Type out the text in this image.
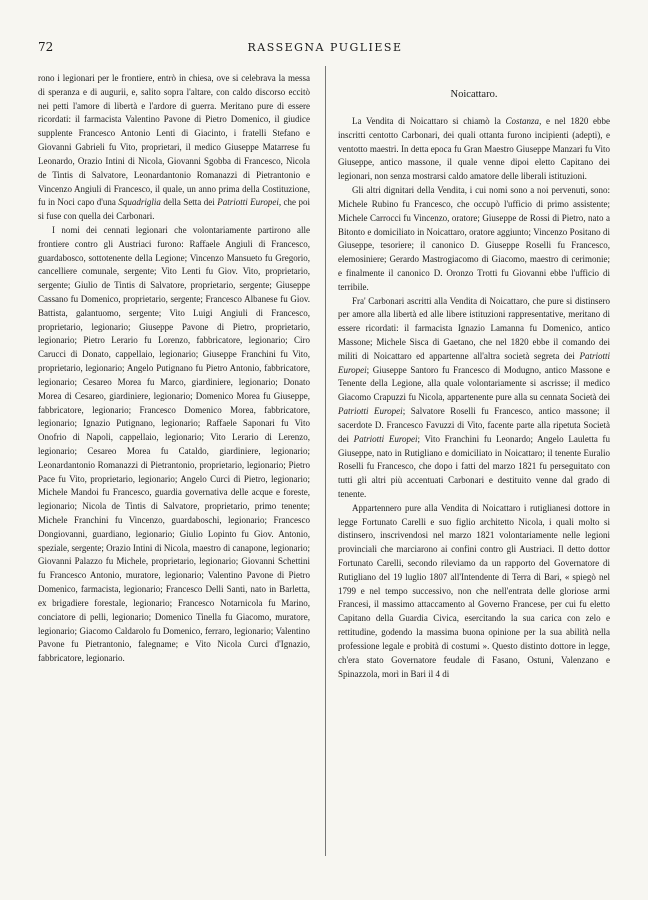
72	RASSEGNA PUGLIESE

rono i legionari per le frontiere, entrò in chiesa, ove si celebrava la messa di speranza e di augurii, e, salito sopra l'altare, con caldo discorso eccitò nei petti l'amore di libertà e l'ardore di guerra. Meritano pure di essere ricordati: il farmacista Valentino Pavone di Pietro Domenico, il giudice supplente Francesco Antonio Lenti di Giacinto, i fratelli Stefano e Giovanni Gabrieli fu Vito, proprietari, il medico Giuseppe Matarrese fu Leonardo, Orazio Intini di Nicola, Giovanni Sgobba di Francesco, Nicola de Tintis di Salvatore, Leonardantonio Romanazzi di Pietrantonio e Vincenzo Angiuli di Francesco, il quale, un anno prima della Costituzione, fu in Noci capo d'una Squadriglia della Setta dei Patriotti Europei, che poi si fuse con quella dei Carbonari.

I nomi dei cennati legionari che volontariamente partirono alle frontiere contro gli Austriaci furono: Raffaele Angiuli di Francesco, guardabosco, sottotenente della Legione; Vincenzo Mansueto fu Gregorio, cancelliere comunale, sergente; Vito Lenti fu Giov. Vito, proprietario, sergente; Giulio de Tintis di Salvatore, proprietario, sergente; Giuseppe Cassano fu Domenico, proprietario, sergente; Francesco Albanese fu Giov. Battista, galantuomo, sergente; Vito Luigi Angiuli di Francesco, proprietario, legionario; Giuseppe Pavone di Pietro, proprietario, legionario; Pietro Lerario fu Lorenzo, fabbricatore, legionario; Ciro Carucci di Donato, cappellaio, legionario; Giuseppe Franchini fu Vito, proprietario, legionario; Angelo Putignano fu Pietro Antonio, fabbricatore, legionario; Cesareo Morea fu Marco, giardiniere, legionario; Donato Morea di Cesareo, giardiniere, legionario; Domenico Morea fu Giuseppe, fabbricatore, legionario; Francesco Domenico Morea, fabbricatore, legionario; Ignazio Putignano, legionario; Raffaele Saponari fu Vito Onofrio di Napoli, cappellaio, legionario; Vito Lerario di Lerenzo, legionario; Cesareo Morea fu Cataldo, giardiniere, legionario; Leonardantonio Romanazzi di Pietrantonio, proprietario, legionario; Pietro Pace fu Vito, proprietario, legionario; Angelo Curci di Pietro, legionario; Michele Mandoi fu Francesco, guardia governativa delle acque e foreste, legionario; Nicola de Tintis di Salvatore, proprietario, primo tenente; Michele Franchini fu Vincenzo, guardaboschi, legionario; Francesco Dongiovanni, guardiano, legionario; Giulio Lopinto fu Giov. Antonio, speziale, sergente; Orazio Intini di Nicola, maestro di canapone, legionario; Giovanni Palazzo fu Michele, proprietario, legionario; Giovanni Schettini fu Francesco Antonio, muratore, legionario; Valentino Pavone di Pietro Domenico, farmacista, legionario; Francesco Delli Santi, nato in Barletta, ex brigadiere forestale, legionario; Francesco Notarnicola fu Marino, conciatore di pelli, legionario; Domenico Tinella fu Giacomo, muratore, legionario; Giacomo Caldarolo fu Domenico, ferraro, legionario; Valentino Pavone fu Pietrantonio, falegname; e Vito Nicola Curci d'Ignazio, fabbricatore, legionario.

Noicattaro.

La Vendita di Noicattaro si chiamò la Costanza, e nel 1820 ebbe inscritti centotto Carbonari, dei quali ottanta furono incipienti (adepti), e ventotto maestri. In detta epoca fu Gran Maestro Giuseppe Manzari fu Vito Giuseppe, antico massone, il quale venne dipoi eletto Capitano dei legionari, non senza mostrarsi caldo amatore delle liberali istituzioni.

Gli altri dignitari della Vendita, i cui nomi sono a noi pervenuti, sono: Michele Rubino fu Francesco, che occupò l'ufficio di primo assistente; Michele Carrocci fu Vincenzo, oratore; Giuseppe de Rossi di Pietro, nato a Bitonto e domiciliato in Noicattaro, oratore aggiunto; Vincenzo Positano di Giuseppe, tesoriere; il canonico D. Giuseppe Roselli fu Francesco, elemosiniere; Gerardo Mastrogiacomo di Giacomo, maestro di cerimonie; e finalmente il canonico D. Oronzo Trotti fu Giovanni ebbe l'ufficio di terribile.

Fra' Carbonari ascritti alla Vendita di Noicattaro, che pure si distinsero per amore alla libertà ed alle libere istituzioni rappresentative, meritano di essere ricordati: il farmacista Ignazio Lamanna fu Domenico, antico Massone; Michele Sisca di Gaetano, che nel 1820 ebbe il comando dei militi di Noicattaro ed appartenne all'altra società segreta dei Patriotti Europei; Giuseppe Santoro fu Francesco di Modugno, antico Massone e Tenente della Legione, alla quale volontariamente si ascrisse; il medico Giacomo Crapuzzi fu Nicola, appartenente pure alla su cennata Società dei Patriotti Europei; Salvatore Roselli fu Francesco, antico massone; il sacerdote D. Francesco Favuzzi di Vito, facente parte alla ripetuta Società dei Patriotti Europei; Vito Franchini fu Leonardo; Angelo Lauletta fu Giuseppe, nato in Rutigliano e domiciliato in Noicattaro; il tenente Euralio Roselli fu Francesco, che dopo i fatti del marzo 1821 fu perseguitato con tutti gli altri più accentuati Carbonari e destituito venne dal grado di tenente.

Appartennero pure alla Vendita di Noicattaro i rutiglianesi dottore in legge Fortunato Carelli e suo figlio architetto Nicola, i quali molto si distinsero, inscrivendosi nel marzo 1821 volontariamente nelle legioni provinciali che marciarono ai confini contro gli Austriaci. Il detto dottor Fortunato Carelli, secondo rileviamo da un rapporto del Governatore di Rutigliano del 19 luglio 1807 all'Intendente di Terra di Bari, « spiegò nel 1799 e nel tempo successivo, non che nell'entrata delle gloriose armi Francesi, il massimo attaccamento al Governo Francese, per cui fu eletto Capitano della Guardia Civica, esercitando la sua carica con zelo e rettitudine, godendo la massima buona opinione per la sua abilità nella professione legale e probità di costumi ». Questo distinto dottore in legge, ch'era stato Governatore feudale di Fasano, Ostuni, Valenzano e Spinazzola, morì in Bari il 4 di
